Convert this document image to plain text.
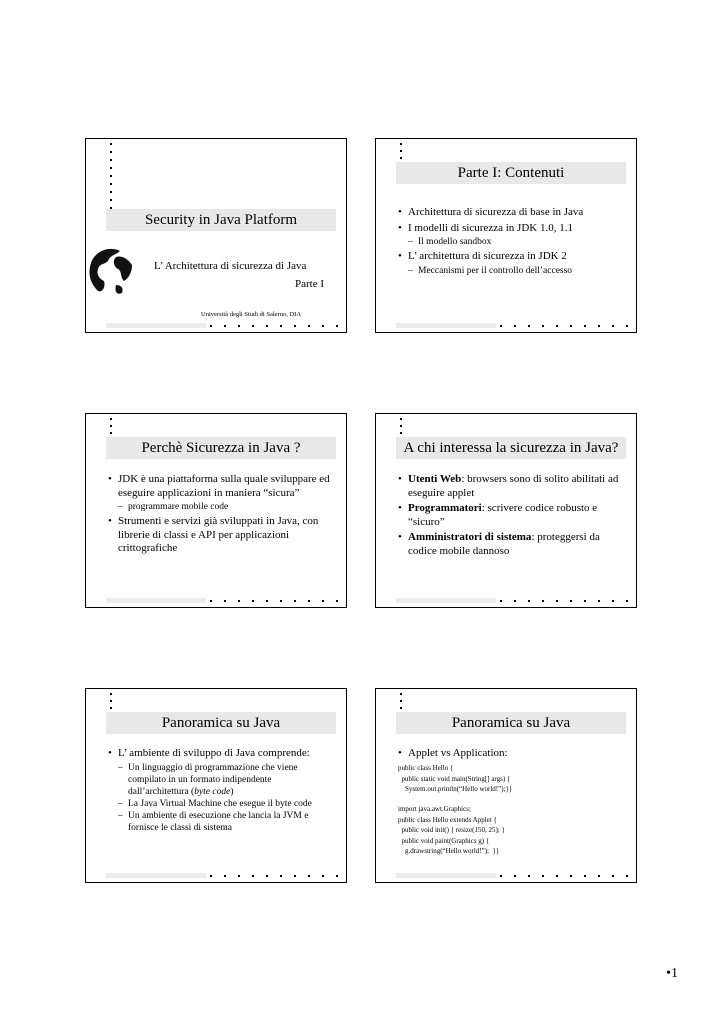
Security in Java Platform
L’ Architettura di sicurezza di Java
Parte I
Università degli Studi di Salerno, DIA
Parte I: Contenuti
• Architettura di sicurezza di base in Java
• I modelli di sicurezza in JDK 1.0, 1.1
– Il modello sandbox
• L’ architettura di sicurezza in JDK 2
– Meccanismi per il controllo dell’accesso
Perchè Sicurezza in Java ?
• JDK è una piattaforma sulla quale sviluppare ed eseguire applicazioni in maniera “sicura”
– programmare mobile code
• Strumenti e servizi già sviluppati in Java, con librerie di classi e API per applicazioni crittografiche
A chi interessa la sicurezza in Java?
• Utenti Web: browsers sono di solito abilitati ad eseguire applet
• Programmatori: scrivere codice robusto e “sicuro”
• Amministratori di sistema: proteggersi da codice mobile dannoso
Panoramica su Java
• L’ ambiente di sviluppo di Java comprende:
– Un linguaggio di programmazione che viene compilato in un formato indipendente dall’architettura (byte code)
– La Java Virtual Machine che esegue il byte code
– Un ambiente di esecuzione che lancia la JVM e fornisce le classi di sistema
Panoramica su Java
• Applet vs Application:
public class Hello {
public static void main(String[] args) {
System.out.println(“Hello world!”);}}
import java.awt.Graphics;
public class Hello extends Applet {
public void init() { resize(150, 25); }
public void paint(Graphics g) {
g.drawstring(“Hello world!”);  }}
•1
